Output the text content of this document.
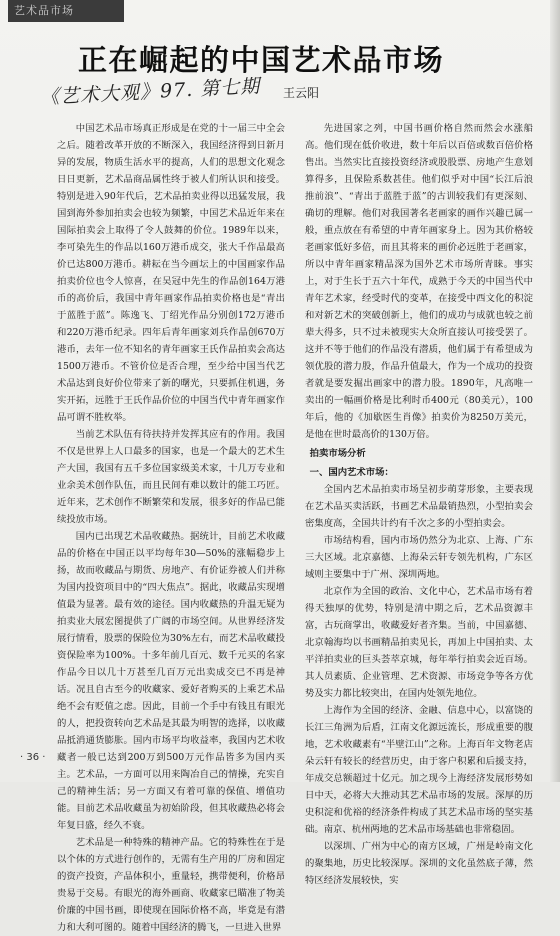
艺术品市场
正在崛起的中国艺术品市场
《艺术大观》97. 第七期 王云阳

中国艺术品市场真正形成是在党的十一届三中全会之后。随着改革开放的不断深入，我国经济得到日新月异的发展，物质生活水平的提高，人们的思想文化观念日日更新，艺术品商品属性终于被人们所认识和接受。特别是进入90年代后，艺术品拍卖业得以迅猛发展，我国到海外参加拍卖会也较为频繁，中国艺术品近年来在国际拍卖会上取得了令人鼓舞的价位。1989年以来，李可染先生的作品以160万港币成交，张大千作品最高价已达800万港币。耕耘在当今画坛上的中国画家作品拍卖价位也令人惊喜，在吴冠中先生的作品创164万港币的高价后，我国中青年画家作品拍卖价格也是“青出于蓝胜于蓝”。陈逸飞、丁绍光作品分别创172万港币和220万港币纪录。四年后青年画家刘兵作品创670万港币，去年一位不知名的青年画家王氏作品拍卖会高达1500万港币。不管价位是否合理，至少给中国当代艺术品达到良好价位带来了新的曙光，只要抓住机遇，务实开拓，远胜于王氏作品价位的中国当代中青年画家作品可谓不胜枚举。

当前艺术队伍有待扶持并发挥其应有的作用。我国不仅是世界上人口最多的国家，也是一个最大的艺术生产大国，我国有五千多位国家级美术家，十几万专业和业余美术创作队伍，而且民间有难以数计的能工巧匠。近年来，艺术创作不断繁荣和发展，很多好的作品已能续投放市场。

国内已出现艺术品收藏热。据统计，目前艺术收藏品的价格在中国正以平均每年30—50%的涨幅稳步上扬，故而收藏品与期货、房地产、有价证券被人们并称为国内投资项目中的“四大焦点”。据此，收藏品实现增值最为显著。最有效的途径。国内收藏热的升温无疑为拍卖业大展宏图提供了广阔的市场空间。从世界经济发展行情看，股票的保险位为30%左右，而艺术品收藏投资保险率为100%。十多年前几百元、数千元买的名家作品今日以几十万甚至几百万元出卖成交已不再是神话。况且自古至今的收藏家、爱好者购买的上乘艺术品绝不会有贬值之虑。因此，目前一个手中有钱且有眼光的人，把投资转向艺术品是其最为明智的选择，以收藏品抵消通货膨胀。国内市场平均收益率，我国内艺术收藏者一般已达到200万到500万元作品皆多为国内买主。艺术品，一方面可以用来陶冶自己的情操，充实自己的精神生活；另一方面又有着可靠的保值、增值功能。目前艺术品收藏虽为初始阶段，但其收藏热必将会年复日盛，经久不衰。

艺术品是一种特殊的精神产品。它的特殊性在于是以个体的方式进行创作的，无需有生产用的厂房和固定的资产投资，产品体积小，重量轻，携带便利，价格昂贵易于交易。有眼光的海外画商、收藏家已瞄准了物美价廉的中国书画，即使现在国际价格不高，毕竟是有潜力和大利可图的。随着中国经济的腾飞，一旦进入世界

先进国家之列，中国书画价格自然而然会水涨船高。他们现在低价收进，数十年后以百倍或数百倍价格售出。当然实比直接投资经济或股股票、房地产生意划算得多，且保险系数甚佳。他们似乎对中国“长江后浪推前浪”、“青出于蓝胜于蓝”的古训较我们有更深刻、确切的理解。他们对我国著名老画家的画作兴趣已属一般，重点放在有希望的中青年画家身上。因为其价格较老画家低好多倍，而且其将来的画价必远胜于老画家，所以中青年画家精品深为国外艺术市场所青睐。事实上，对于生长于五六十年代，成熟于今天的中国当代中青年艺术家，经受时代的变革，在接受中西文化的积淀和对新艺术的突破创新上，他们的成功与成就也较之前辈大得多，只不过未被现实大众所直接认可接受罢了。这并不等于他们的作品没有潜质，他们属于有希望成为领优股的潜力股，作品升值最大，作为一个成功的投资者就是要发掘出画家中的潜力股。1890年，凡高唯一卖出的一幅画价格是比利时币400元（80美元），100年后，他的《加歇医生肖像》拍卖价为8250万美元，是他在世时最高价的130万倍。

拍卖市场分析

一、国内艺术市场：

全国内艺术品拍卖市场呈初步萌芽形象，主要表现在艺术品买卖活跃，书画艺术品最销热烈，小型拍卖会密集度高，全国共计约有千次之多的小型拍卖会。

市场结构看，国内市场仍然分为北京、上海、广东三大区域。北京嘉德、上海朵云轩专领先机构，广东区域则主要集中于广州、深圳两地。

北京作为全国的政治、文化中心，艺术品市场有着得天独厚的优势，特别是清中期之后，艺术品资源丰富，古玩商掌出，收藏爱好者齐集。当前，中国嘉德、北京翰海均以书画精品拍卖见长，再加上中国拍卖、太平洋拍卖业的巨头荟萃京城，每年举行拍卖会近百场。其人员素质、企业管理、艺术资源、市场竞争等各方优势及实力都比较突出，在国内处领先地位。

上海作为全国的经济、金融、信息中心，以富饶的长江三角洲为后盾，江南文化源远流长，形成重要的腹地，艺术收藏素有“半壁江山”之称。上海百年文物老店朵云轩有较长的经营历史，由于客户积累和后援支持，年成交总额超过十亿元。加之现今上海经济发展形势如日中天，必将大大推动其艺术品市场的发展。深厚的历史积淀和优裕的经济条件构成了其艺术品市场的坚实基础。南京、杭州两地的艺术品市场基础也非常稳固。

以深圳、广州为中心的南方区域，广州是岭南文化的聚集地，历史比较深厚。深圳的文化虽然底子薄，然特区经济发展较快，实

· 36 ·
